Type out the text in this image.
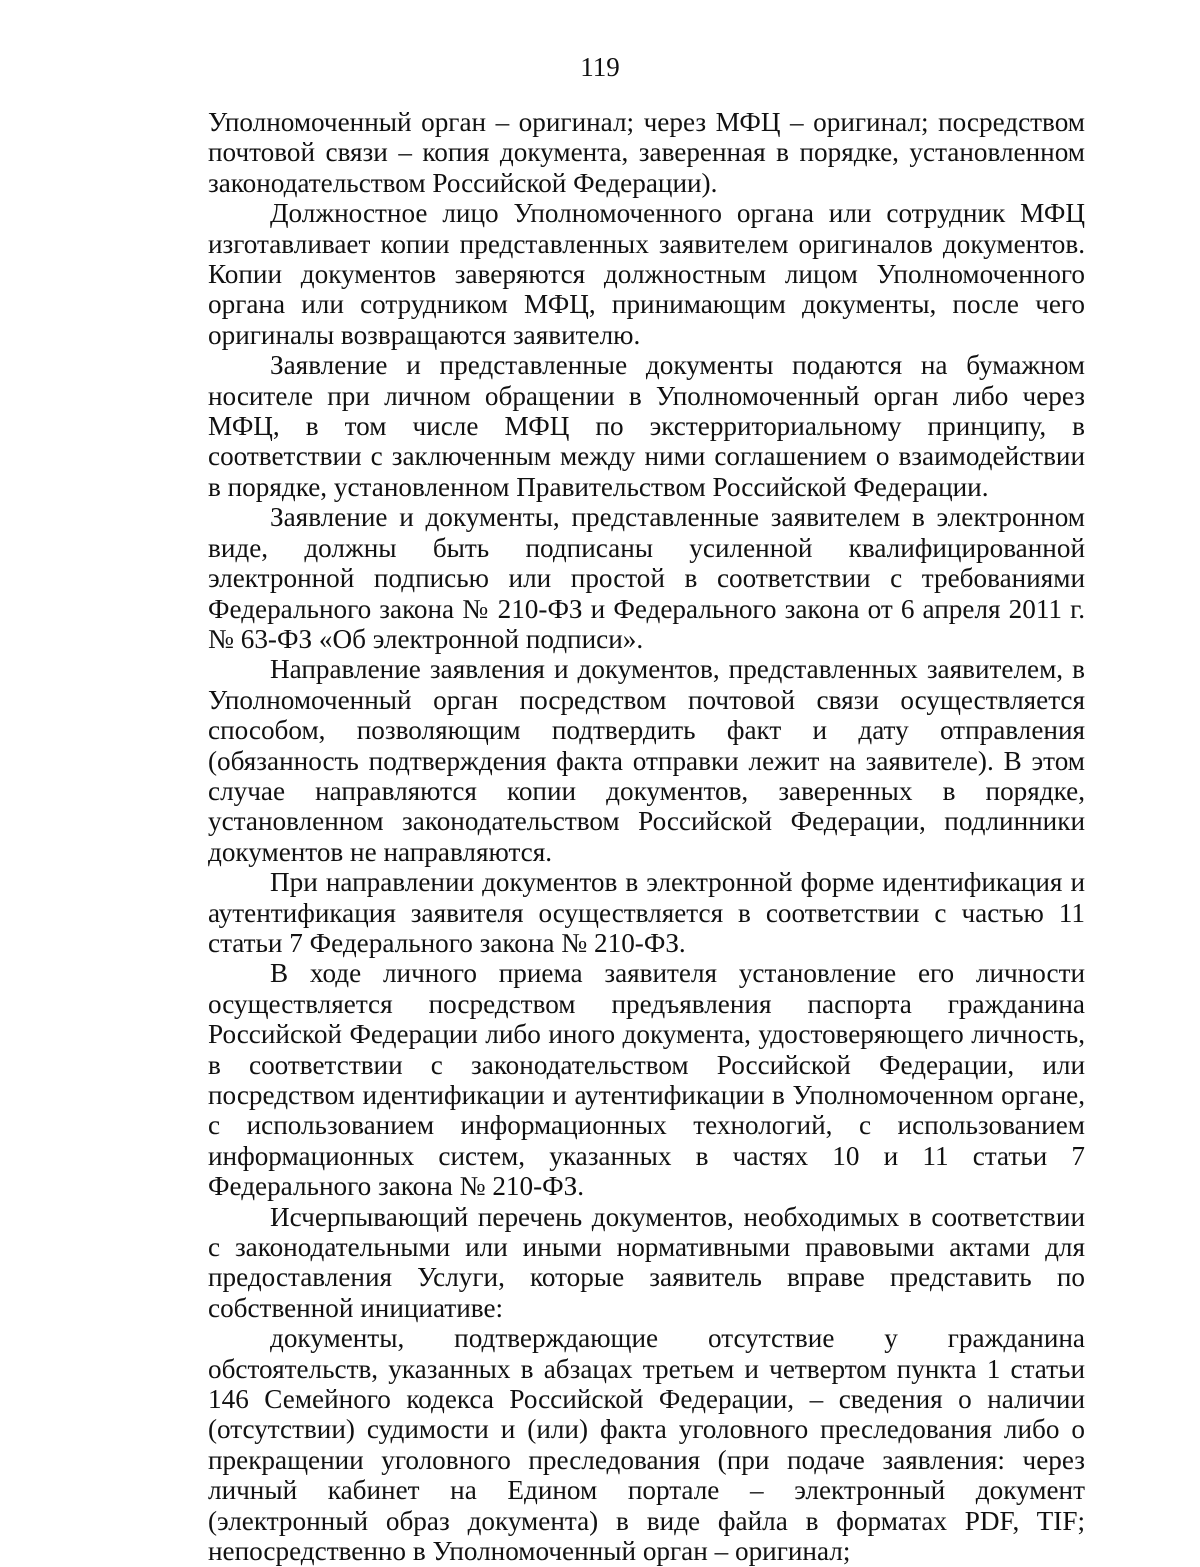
119

Уполномоченный орган – оригинал; через МФЦ – оригинал; посредством почтовой связи – копия документа, заверенная в порядке, установленном законодательством Российской Федерации).

Должностное лицо Уполномоченного органа или сотрудник МФЦ изготавливает копии представленных заявителем оригиналов документов. Копии документов заверяются должностным лицом Уполномоченного органа или сотрудником МФЦ, принимающим документы, после чего оригиналы возвращаются заявителю.

Заявление и представленные документы подаются на бумажном носителе при личном обращении в Уполномоченный орган либо через МФЦ, в том числе МФЦ по экстерриториальному принципу, в соответствии с заключенным между ними соглашением о взаимодействии в порядке, установленном Правительством Российской Федерации.

Заявление и документы, представленные заявителем в электронном виде, должны быть подписаны усиленной квалифицированной электронной подписью или простой в соответствии с требованиями Федерального закона № 210-ФЗ и Федерального закона от 6 апреля 2011 г. № 63-ФЗ «Об электронной подписи».

Направление заявления и документов, представленных заявителем, в Уполномоченный орган посредством почтовой связи осуществляется способом, позволяющим подтвердить факт и дату отправления (обязанность подтверждения факта отправки лежит на заявителе). В этом случае направляются копии документов, заверенных в порядке, установленном законодательством Российской Федерации, подлинники документов не направляются.

При направлении документов в электронной форме идентификация и аутентификация заявителя осуществляется в соответствии с частью 11 статьи 7 Федерального закона № 210-ФЗ.

В ходе личного приема заявителя установление его личности осуществляется посредством предъявления паспорта гражданина Российской Федерации либо иного документа, удостоверяющего личность, в соответствии с законодательством Российской Федерации, или посредством идентификации и аутентификации в Уполномоченном органе, с использованием информационных технологий, с использованием информационных систем, указанных в частях 10 и 11 статьи 7 Федерального закона № 210-ФЗ.

Исчерпывающий перечень документов, необходимых в соответствии с законодательными или иными нормативными правовыми актами для предоставления Услуги, которые заявитель вправе представить по собственной инициативе:

документы, подтверждающие отсутствие у гражданина обстоятельств, указанных в абзацах третьем и четвертом пункта 1 статьи 146 Семейного кодекса Российской Федерации, – сведения о наличии (отсутствии) судимости и (или) факта уголовного преследования либо о прекращении уголовного преследования (при подаче заявления: через личный кабинет на Едином портале – электронный документ (электронный образ документа) в виде файла в форматах PDF, TIF; непосредственно в Уполномоченный орган – оригинал;
